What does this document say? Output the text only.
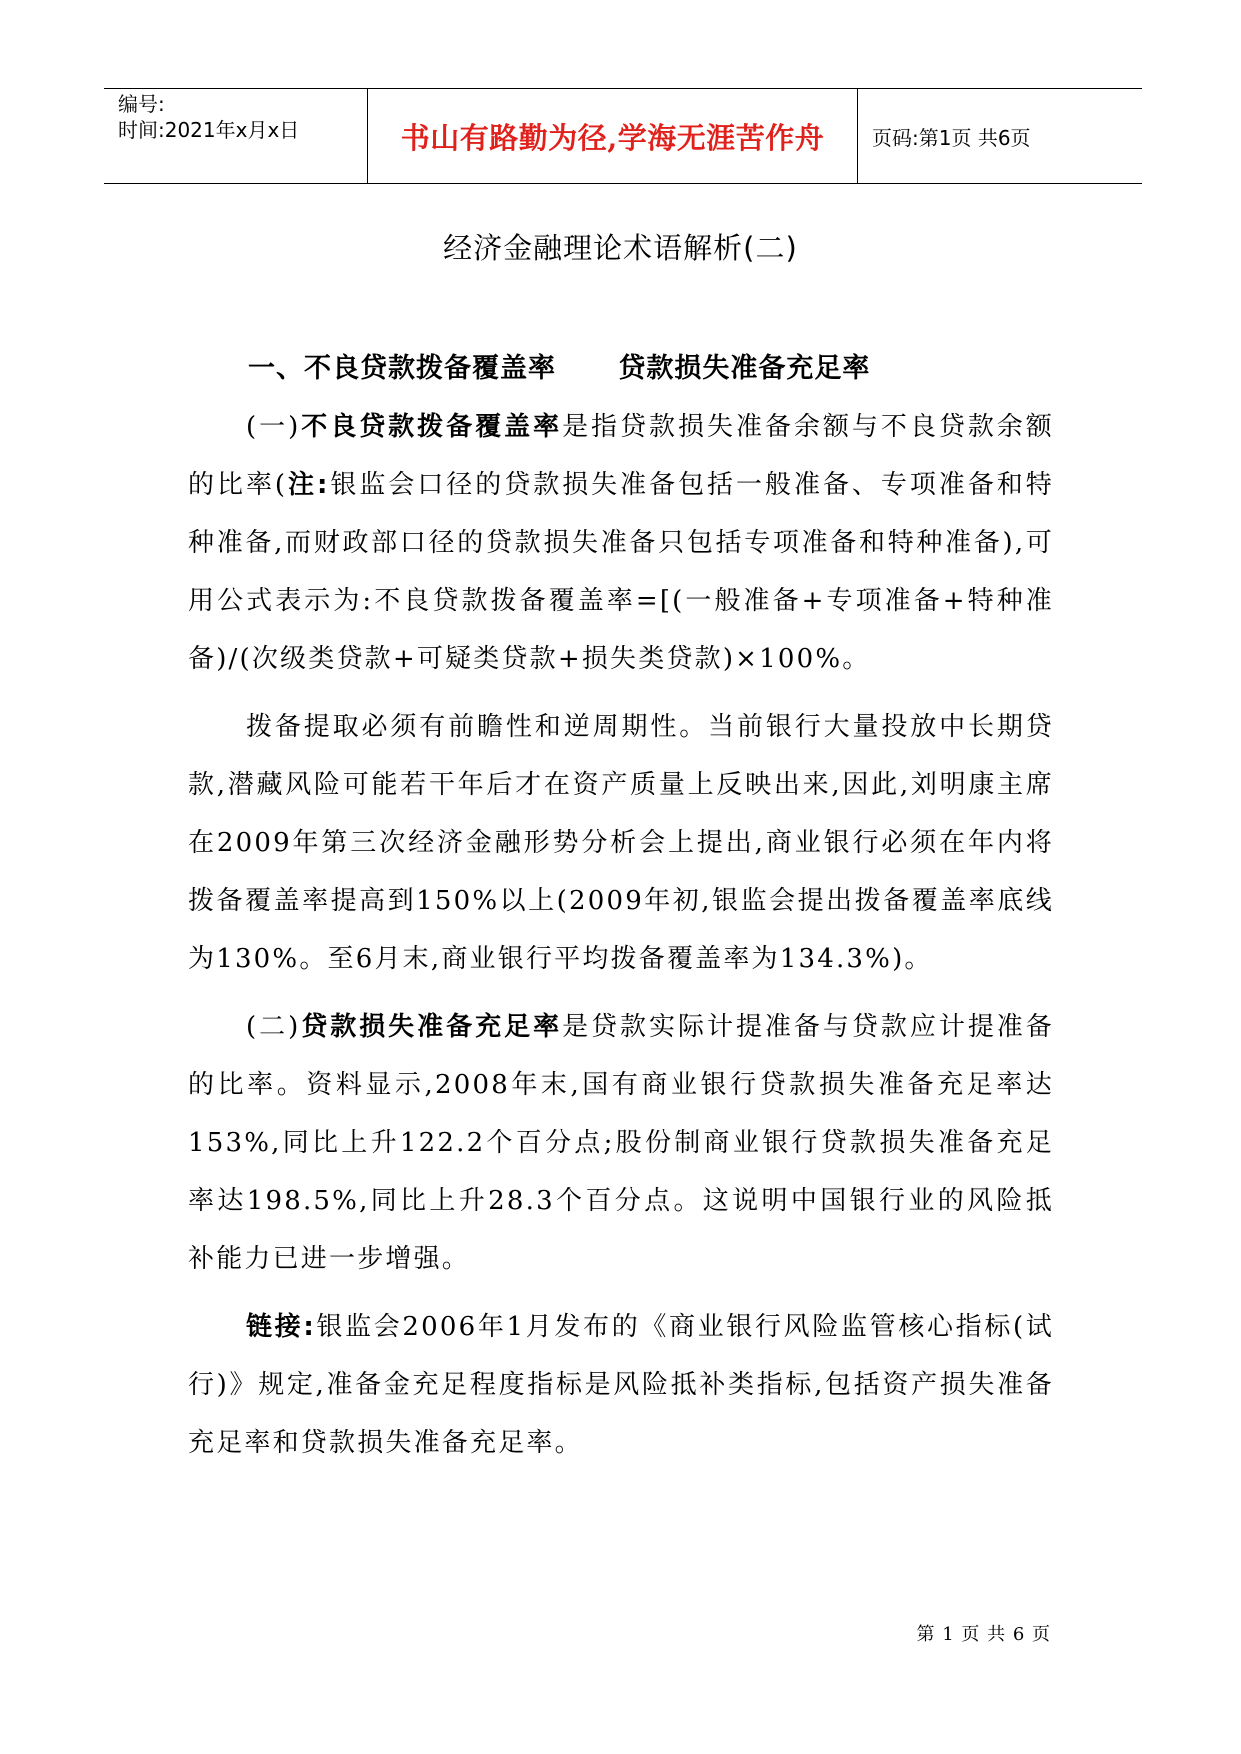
编号:
时间:2021年x月x日	书山有路勤为径,学海无涯苦作舟	页码:第1页 共6页
经济金融理论术语解析(二)
一、不良贷款拨备覆盖率      贷款损失准备充足率

(一)不良贷款拨备覆盖率是指贷款损失准备余额与不良贷款余额的比率(注:银监会口径的贷款损失准备包括一般准备、专项准备和特种准备,而财政部口径的贷款损失准备只包括专项准备和特种准备),可用公式表示为:不良贷款拨备覆盖率=[(一般准备+专项准备+特种准备)/(次级类贷款+可疑类贷款+损失类贷款)×100%。

拨备提取必须有前瞻性和逆周期性。当前银行大量投放中长期贷款,潜藏风险可能若干年后才在资产质量上反映出来,因此,刘明康主席在2009年第三次经济金融形势分析会上提出,商业银行必须在年内将拨备覆盖率提高到150%以上(2009年初,银监会提出拨备覆盖率底线为130%。至6月末,商业银行平均拨备覆盖率为134.3%)。

(二)贷款损失准备充足率是贷款实际计提准备与贷款应计提准备的比率。资料显示,2008年末,国有商业银行贷款损失准备充足率达153%,同比上升122.2个百分点;股份制商业银行贷款损失准备充足率达198.5%,同比上升28.3个百分点。这说明中国银行业的风险抵补能力已进一步增强。

链接:银监会2006年1月发布的《商业银行风险监管核心指标(试行)》规定,准备金充足程度指标是风险抵补类指标,包括资产损失准备充足率和贷款损失准备充足率。

第 1 页 共 6 页
